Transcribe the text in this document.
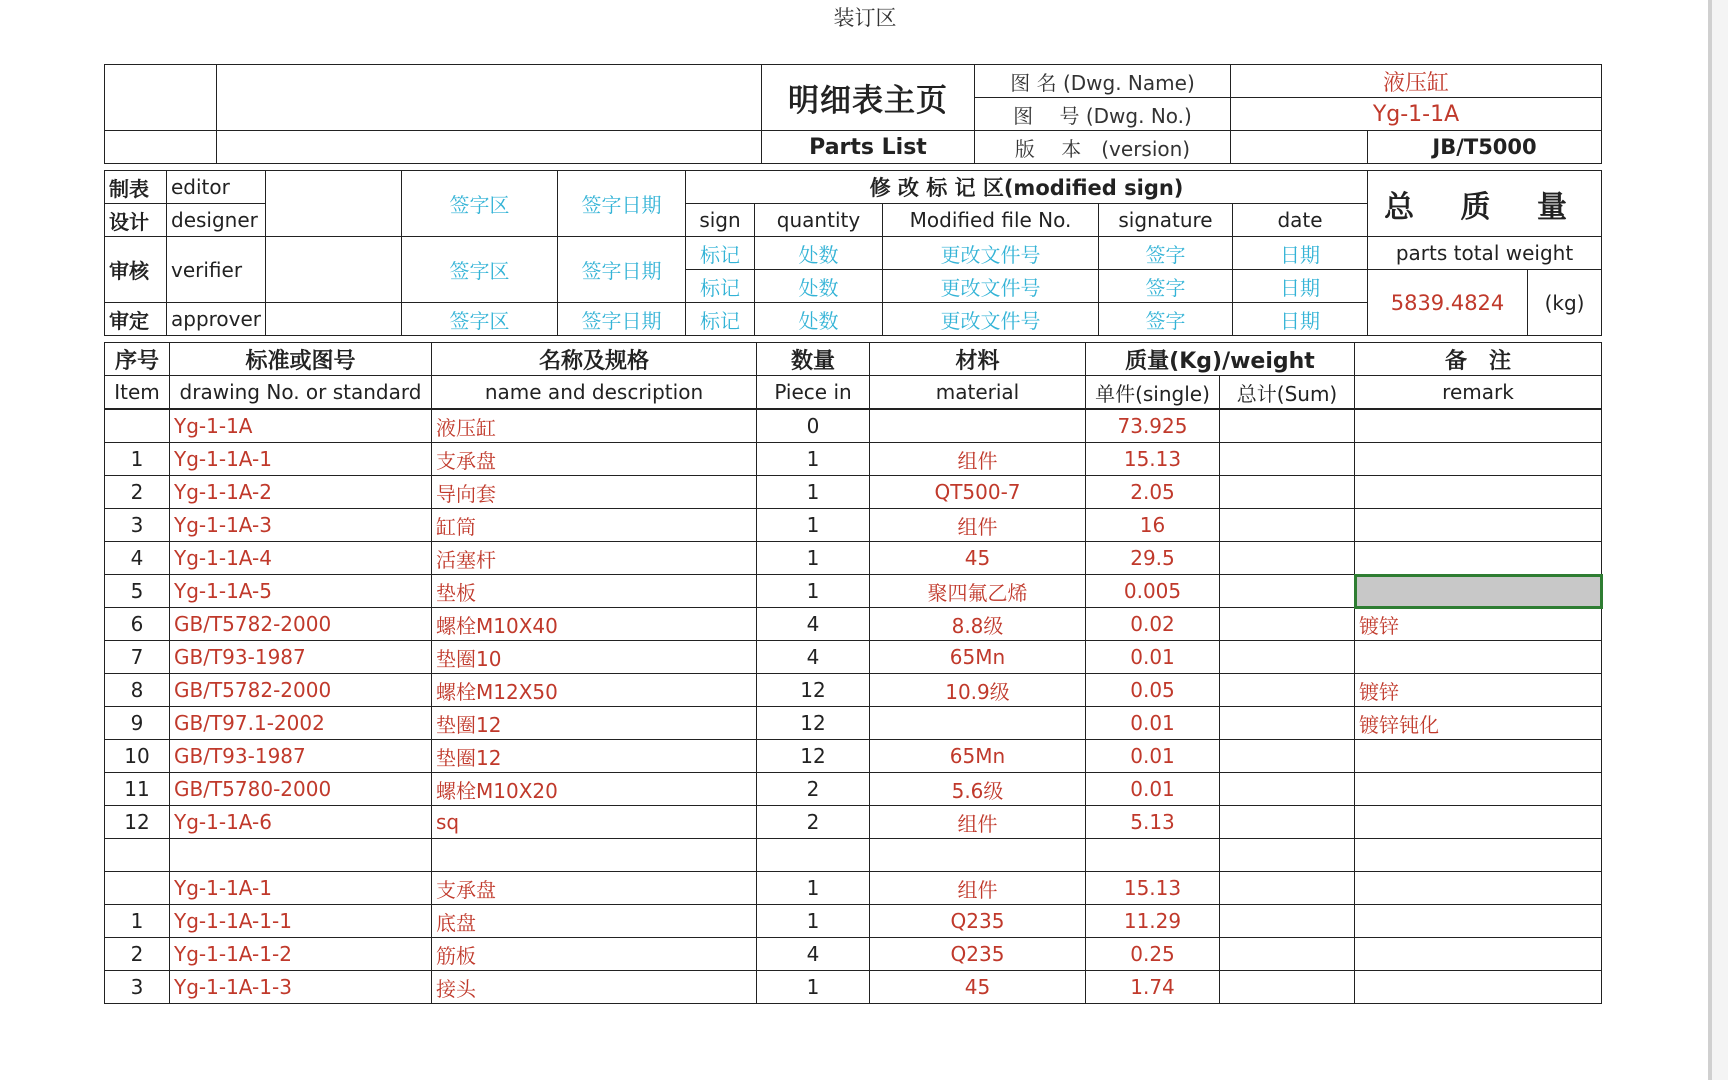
装订区
		明细表主页	图 名 (Dwg. Name)	液压缸	
			图　 号 (Dwg. No.)	Yg-1-1A	
		Parts List	版　 本　(version)		JB/T5000
制表	editor		签字区	签字日期	修 改 标 记 区(modified sign)					总 质 量	
设计	designer				sign	quantity	Modified file No.	signature	date		
审核	verifier		签字区	签字日期	标记	处数	更改文件号	签字	日期	parts total weight	
					标记	处数	更改文件号	签字	日期	5839.4824	(kg)
审定	approver		签字区	签字日期	标记	处数	更改文件号	签字	日期		
序号	标准或图号	名称及规格	数量	材料	质量(Kg)/weight		备　注
Item	drawing No. or standard	name and description	Piece in	material	单件(single)	总计(Sum)	remark
	Yg-1-1A	液压缸	0		73.925		
1	Yg-1-1A-1	支承盘	1	组件	15.13		
2	Yg-1-1A-2	导向套	1	QT500-7	2.05		
3	Yg-1-1A-3	缸筒	1	组件	16		
4	Yg-1-1A-4	活塞杆	1	45	29.5		
5	Yg-1-1A-5	垫板	1	聚四氟乙烯	0.005		
6	GB/T5782-2000	螺栓M10X40	4	8.8级	0.02		镀锌
7	GB/T93-1987	垫圈10	4	65Mn	0.01		
8	GB/T5782-2000	螺栓M12X50	12	10.9级	0.05		镀锌
9	GB/T97.1-2002	垫圈12	12		0.01		镀锌钝化
10	GB/T93-1987	垫圈12	12	65Mn	0.01		
11	GB/T5780-2000	螺栓M10X20	2	5.6级	0.01		
12	Yg-1-1A-6	sq	2	组件	5.13		

	Yg-1-1A-1	支承盘	1	组件	15.13		
1	Yg-1-1A-1-1	底盘	1	Q235	11.29		
2	Yg-1-1A-1-2	筋板	4	Q235	0.25		
3	Yg-1-1A-1-3	接头	1	45	1.74		
